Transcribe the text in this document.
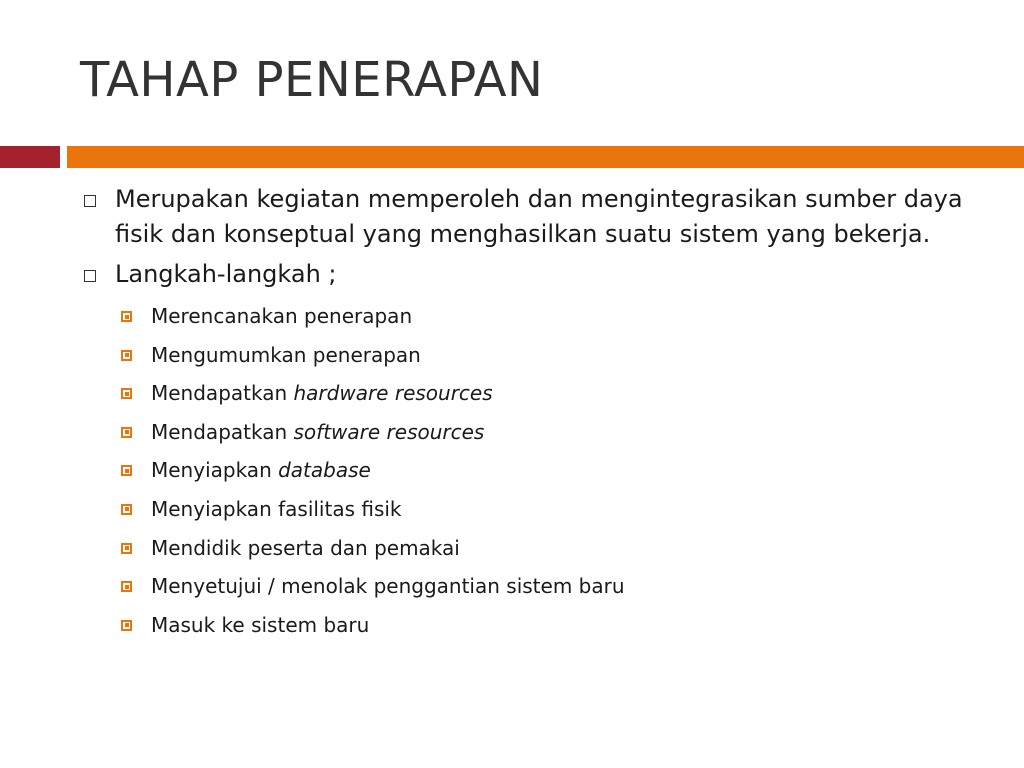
TAHAP PENERAPAN
Merupakan kegiatan memperoleh dan mengintegrasikan sumber daya fisik dan konseptual yang menghasilkan suatu sistem yang bekerja.
Langkah-langkah ;
Merencanakan penerapan
Mengumumkan penerapan
Mendapatkan hardware resources
Mendapatkan software resources
Menyiapkan database
Menyiapkan fasilitas fisik
Mendidik peserta dan pemakai
Menyetujui / menolak penggantian sistem baru
Masuk ke sistem baru
